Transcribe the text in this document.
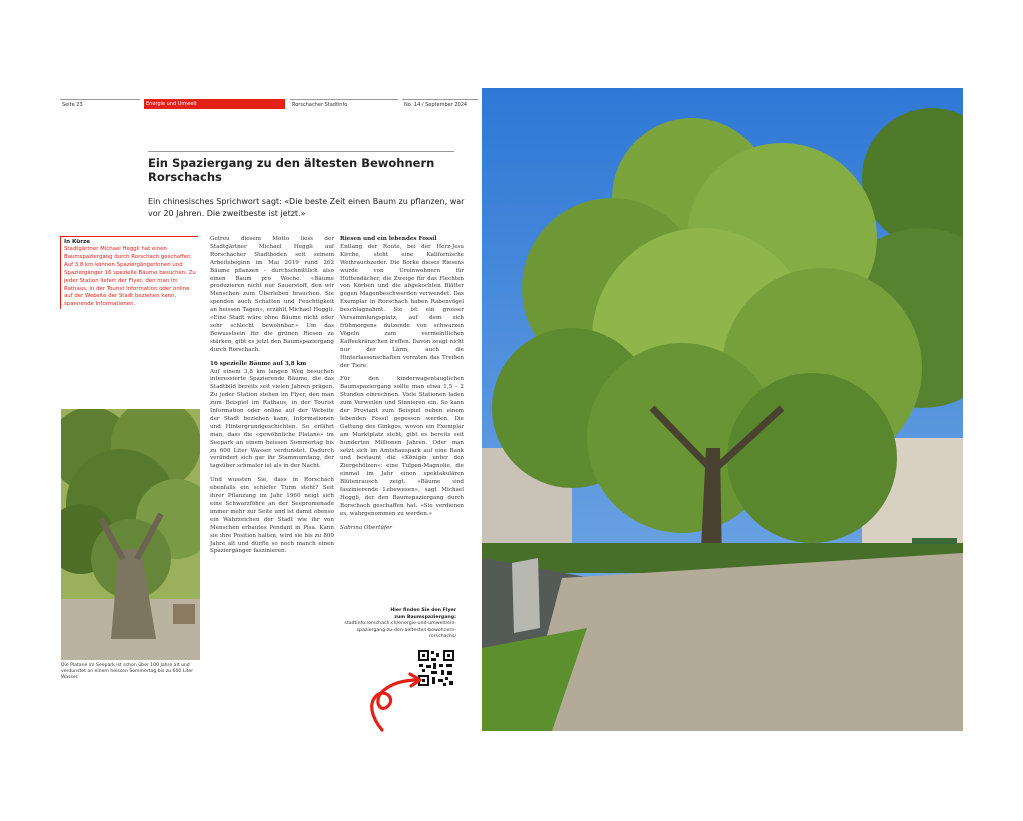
Seite 23	Energie und Umwelt	Rorschacher Stadtinfo	No. 14 / September 2024
Ein Spaziergang zu den ältesten Bewohnern Rorschachs

Ein chinesisches Sprichwort sagt: «Die beste Zeit einen Baum zu pflanzen, war vor 20 Jahren. Die zweitbeste ist jetzt.»

In Kürze

Stadtgärtner Michael Heggli hat einen Baumspaziergang durch Rorschach geschaffen. Auf 3,8 km können Spaziergängerinnen und Spaziergänger 16 spezielle Bäume besuchen. Zu jeder Station liefert der Flyer, den man im Rathaus, in der Tourist Information oder online auf der Website der Stadt beziehen kann, spannende Informationen.

Getreu diesem Motto liess der Stadtgärtner Michael Heggli auf Rorschacher Stadtboden seit seinem Arbeitsbeginn im Mai 2019 rund 262 Bäume pflanzen – durchschnittlich also einen Baum pro Woche. «Bäume produzieren nicht nur Sauerstoff, den wir Menschen zum Überleben brauchen. Sie spenden auch Schatten und Feuchtigkeit an heissen Tagen», erzählt Michael Heggli. «Eine Stadt wäre ohne Bäume nicht oder sehr schlecht bewohnbar.» Um das Bewusstsein für die grünen Riesen zu stärken, gibt es jetzt den Baumspaziergang durch Rorschach.

16 spezielle Bäume auf 3,8 km

Auf einem 3,8 km langen Weg besuchen interessierte Spazierende Bäume, die das Stadtbild bereits seit vielen Jahren prägen. Zu jeder Station stehen im Flyer, den man zum Beispiel im Rathaus, in der Tourist Information oder online auf der Website der Stadt beziehen kann, Informationen und Hintergrundgeschichten. So erfährt man, dass die «gewöhnliche Platane» im Seepark an einem heissen Sommertag bis zu 600 Liter Wasser verdunstet. Dadurch verändert sich gar ihr Stammumfang, der tagsüber schmaler ist als in der Nacht.

Und wussten Sie, dass in Rorschach ebenfalls ein schiefer Turm steht? Seit ihrer Pflanzung im Jahr 1960 neigt sich eine Schwarzföhre an der Seepromenade immer mehr zur Seite und ist damit ebenso ein Wahrzeichen der Stadt wie ihr von Menschen erbautes Pendant in Pisa. Kann sie ihre Position halten, wird sie bis zu 800 Jahre alt und dürfte so noch manch einen Spaziergänger faszinieren.

Riesen und ein lebendes Fossil

Entlang der Route, bei der Herz-Jesu Kirche, steht eine Kalifornische Weihrauchzeder. Die Borke dieses Riesens wurde von Ureinwohnern für Hüttendächer, die Zweige für das Flechten von Körben und die abgekochten Blätter gegen Magenbeschwerden verwendet. Das Exemplar in Rorschach haben Rabenvögel beschlagnahmt. Sie ist ein grosser Versammlungsplatz, auf dem sich frühmorgens dutzende von schwarzen Vögeln zum vermeintlichen Kaffeekränzchen treffen. Davon zeugt nicht nur der Lärm, auch die Hinterlassenschaften verraten das Treiben der Tiere.

Für den kinderwagentauglichen Baumspaziergang sollte man etwa 1,5 – 2 Stunden einrechnen. Viele Stationen laden zum Verweilen und Sinnieren ein. So kann der Proviant zum Beispiel neben einem lebenden Fossil gegessen werden. Die Gattung des Ginkgos, wovon ein Exemplar am Marktplatz steht, gibt es bereits seit hunderten Millionen Jahren. Oder man setzt sich im Amtshauspark auf eine Bank und bestaunt die «Königin unter den Ziergehölzen»: eine Tulpen-Magnolie, die einmal im Jahr einen spektakulären Blütenrausch zeigt. «Bäume sind faszinierende Lebewesen», sagt Michael Heggli, der den Baumspaziergang durch Rorschach geschaffen hat. «Sie verdienen es, wahrgenommen zu werden.»

Sabrina Obertüfer

Die Platane im Seepark ist schon über 100 Jahre alt und verdunstet an einem heissen Sommertag bis zu 600 Liter Wasser.

Hier finden Sie den Flyer
zum Baumspaziergang:
stadtinfo.rorschach.ch/energie-und-umwelt/ein-spaziergang-zu-den-aeltesten-bewohnern-rorschachs/
